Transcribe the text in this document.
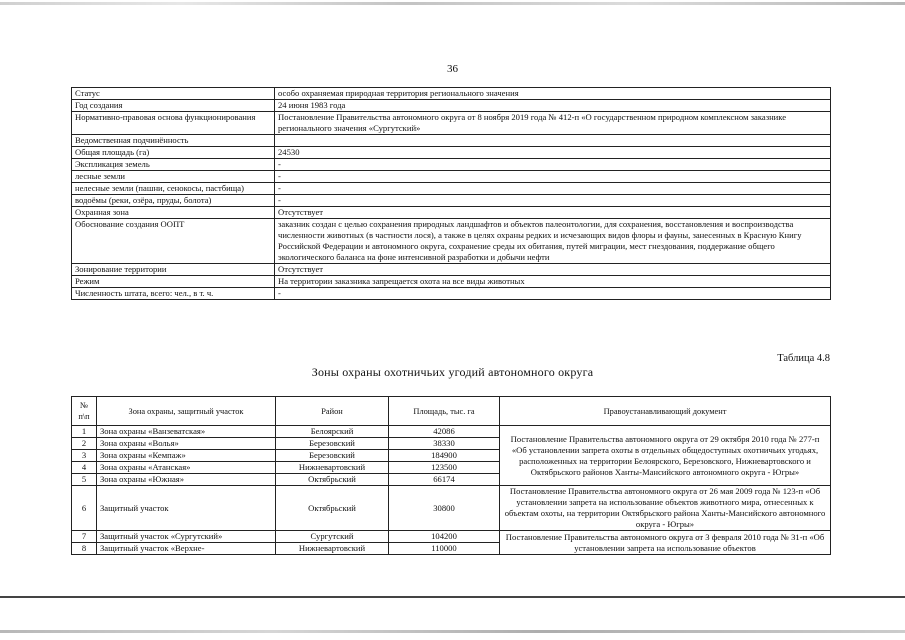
36
Статус	особо охраняемая природная территория регионального значения
Год создания	24 июня 1983 года
Нормативно-правовая основа функционирования	Постановление Правительства автономного округа от 8 ноября 2019 года № 412-п «О государственном природном комплексном заказнике регионального значения «Сургутский»
Ведомственная подчинённость	
Общая площадь (га)	24530
Экспликация земель	-
лесные земли	-
нелесные земли (пашни, сенокосы, пастбища)	-
водоёмы (реки, озёра, пруды, болота)	-
Охранная зона	Отсутствует
Обоснование создания ООПТ	заказник создан с целью сохранения природных ландшафтов и объектов палеонтологии, для сохранения, восстановления и воспроизводства численности животных (в частности лося), а также в целях охраны редких и исчезающих видов флоры и фауны, занесенных в Красную Книгу Российской Федерации и автономного округа, сохранение среды их обитания, путей миграции, мест гнездования, поддержание общего экологического баланса на фоне интенсивной разработки и добычи нефти
Зонирование территории	Отсутствует
Режим	На территории заказника запрещается охота на все виды животных
Численность штата, всего: чел., в т. ч.	-
Таблица 4.8
Зоны охраны охотничьих угодий автономного округа
№ п\п	Зона охраны, защитный участок	Район	Площадь, тыс. га	Правоустанавливающий документ
1	Зона охраны «Ванзеватская»	Белоярский	42086	Постановление Правительства автономного округа от 29 октября 2010 года № 277-п «Об установлении запрета охоты в отдельных общедоступных охотничьих угодьях, расположенных на территории Белоярского, Березовского, Нижневартовского и Октябрьского районов Ханты-Мансийского автономного округа - Югры»
2	Зона охраны «Волья»	Березовский	38330	
3	Зона охраны «Кемпаж»	Березовский	184900	
4	Зона охраны «Атанская»	Нижневартовский	123500	
5	Зона охраны «Южная»	Октябрьский	66174	
6	Защитный участок	Октябрьский	30800	Постановление Правительства автономного округа от 26 мая 2009 года № 123-п «Об установлении запрета на использование объектов животного мира, отнесенных к объектам охоты, на территории Октябрьского района Ханты-Мансийского автономного округа - Югры»
7	Защитный участок «Сургутский»	Сургутский	104200	Постановление Правительства автономного округа от 3 февраля 2010 года № 31-п «Об установлении запрета на использование объектов
8	Защитный участок «Верхне-	Нижневартовский	110000	
